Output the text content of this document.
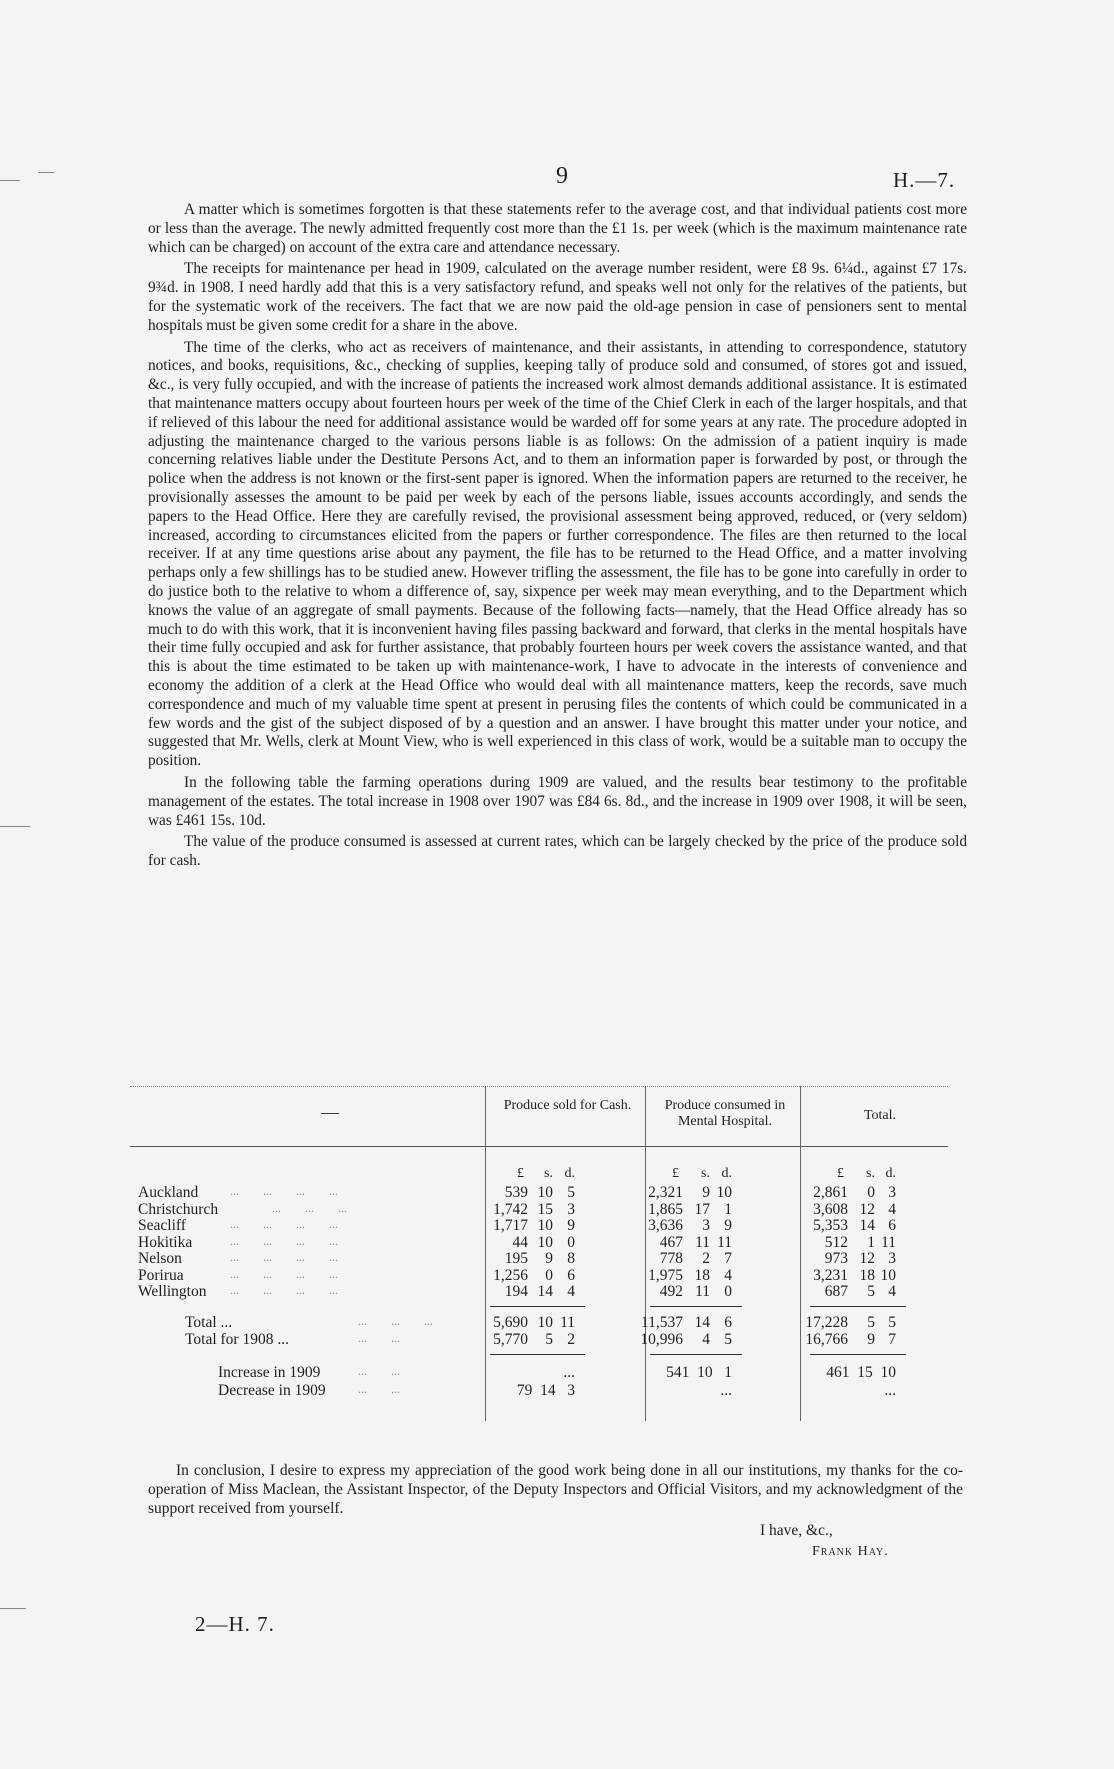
9	H.—7.

A matter which is sometimes forgotten is that these statements refer to the average cost, and that individual patients cost more or less than the average. The newly admitted frequently cost more than the £1 1s. per week (which is the maximum maintenance rate which can be charged) on account of the extra care and attendance necessary.

The receipts for maintenance per head in 1909, calculated on the average number resident, were £8 9s. 6¼d., against £7 17s. 9¾d. in 1908. I need hardly add that this is a very satisfactory refund, and speaks well not only for the relatives of the patients, but for the systematic work of the receivers. The fact that we are now paid the old-age pension in case of pensioners sent to mental hospitals must be given some credit for a share in the above.

The time of the clerks, who act as receivers of maintenance, and their assistants, in attending to correspondence, statutory notices, and books, requisitions, &c., checking of supplies, keeping tally of produce sold and consumed, of stores got and issued, &c., is very fully occupied, and with the increase of patients the increased work almost demands additional assistance. It is estimated that maintenance matters occupy about fourteen hours per week of the time of the Chief Clerk in each of the larger hospitals, and that if relieved of this labour the need for additional assistance would be warded off for some years at any rate. The procedure adopted in adjusting the maintenance charged to the various persons liable is as follows: On the admission of a patient inquiry is made concerning relatives liable under the Destitute Persons Act, and to them an information paper is forwarded by post, or through the police when the address is not known or the first-sent paper is ignored. When the information papers are returned to the receiver, he provisionally assesses the amount to be paid per week by each of the persons liable, issues accounts accordingly, and sends the papers to the Head Office. Here they are carefully revised, the provisional assessment being approved, reduced, or (very seldom) increased, according to circumstances elicited from the papers or further correspondence. The files are then returned to the local receiver. If at any time questions arise about any payment, the file has to be returned to the Head Office, and a matter involving perhaps only a few shillings has to be studied anew. However trifling the assessment, the file has to be gone into carefully in order to do justice both to the relative to whom a difference of, say, sixpence per week may mean everything, and to the Department which knows the value of an aggregate of small payments. Because of the following facts—namely, that the Head Office already has so much to do with this work, that it is inconvenient having files passing backward and forward, that clerks in the mental hospitals have their time fully occupied and ask for further assistance, that probably fourteen hours per week covers the assistance wanted, and that this is about the time estimated to be taken up with maintenance-work, I have to advocate in the interests of convenience and economy the addition of a clerk at the Head Office who would deal with all maintenance matters, keep the records, save much correspondence and much of my valuable time spent at present in perusing files the contents of which could be communicated in a few words and the gist of the subject disposed of by a question and an answer. I have brought this matter under your notice, and suggested that Mr. Wells, clerk at Mount View, who is well experienced in this class of work, would be a suitable man to occupy the position.

In the following table the farming operations during 1909 are valued, and the results bear testimony to the profitable management of the estates. The total increase in 1908 over 1907 was £84 6s. 8d., and the increase in 1909 over 1908, it will be seen, was £461 15s. 10d.

The value of the produce consumed is assessed at current rates, which can be largely checked by the price of the produce sold for cash.

—	Produce sold for Cash.	Produce consumed in Mental Hospital.	Total.
£ s. d.	£ s. d.	£ s. d.
Auckland	...        ...        ...        ...	539 10 5	2,321 9 10	2,861 0 3
Christchurch ...        ...        ...	1,742 15 3	1,865 17 1	3,608 12 4
Seacliff	...        ...        ...        ...	1,717 10 9	3,636 3 9	5,353 14 6
Hokitika	...        ...        ...        ...	44 10 0	467 11 11	512 1 11
Nelson	...        ...        ...        ...	195 9 8	778 2 7	973 12 3
Porirua	...        ...        ...        ...	1,256 0 6	1,975 18 4	3,231 18 10
Wellington ...        ...        ...        ...	194 14 4	492 11 0	687 5 4
Total ...	...        ...        ...	5,690 10 11	11,537 14 6	17,228 5 5
Total for 1908 ...	...        ...	5,770 5 2	10,996 4 5	16,766 9 7
Increase in 1909	...        ...	...	541  10   1	461  15  10
Decrease in 1909	...        ...	79  14   3	...	...

In conclusion, I desire to express my appreciation of the good work being done in all our institutions, my thanks for the co-operation of Miss Maclean, the Assistant Inspector, of the Deputy Inspectors and Official Visitors, and my acknowledgment of the support received from yourself.

I have, &c.,
Frank Hay.
2—H. 7.
